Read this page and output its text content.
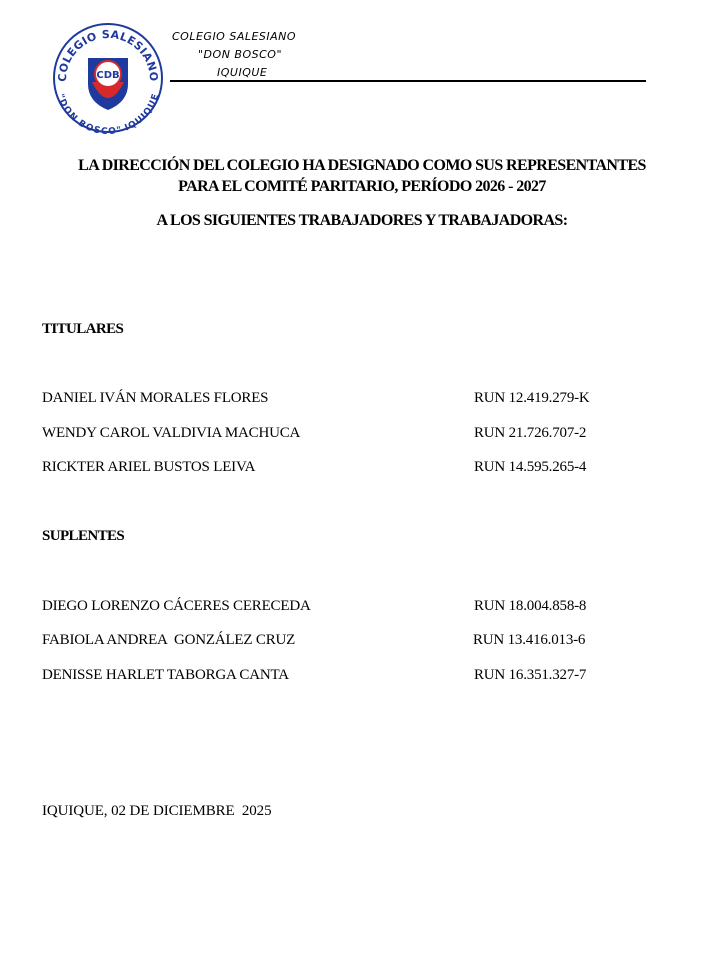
COLEGIO SALESIANO
"DON BOSCO" IQUIQUE
CDB
COLEGIO SALESIANO
"DON BOSCO"
IQUIQUE
LA DIRECCIÓN DEL COLEGIO HA DESIGNADO COMO SUS REPRESENTANTES
PARA EL COMITÉ PARITARIO, PERÍODO 2026 - 2027
A LOS SIGUIENTES TRABAJADORES Y TRABAJADORAS:
TITULARES
DANIEL IVÁN MORALES FLORES	RUN 12.419.279-K
WENDY CAROL VALDIVIA MACHUCA	RUN 21.726.707-2
RICKTER ARIEL BUSTOS LEIVA	RUN 14.595.265-4
SUPLENTES
DIEGO LORENZO CÁCERES CERECEDA	RUN 18.004.858-8
FABIOLA ANDREA  GONZÁLEZ CRUZ	RUN 13.416.013-6
DENISSE HARLET TABORGA CANTA	RUN 16.351.327-7
IQUIQUE, 02 DE DICIEMBRE  2025
